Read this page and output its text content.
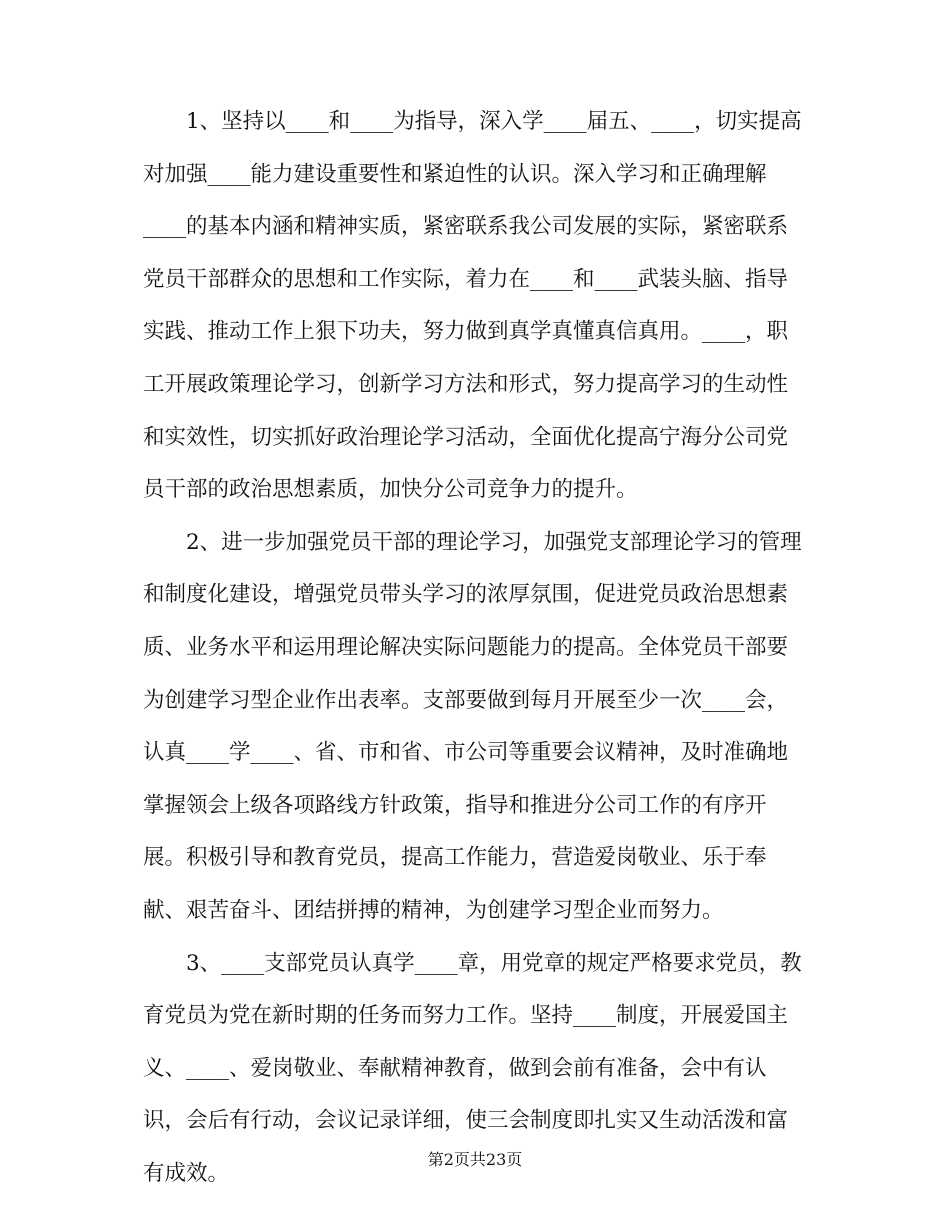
1、坚持以____和____为指导，深入学____届五、____，切实提高
对加强____能力建设重要性和紧迫性的认识。深入学习和正确理解
____的基本内涵和精神实质，紧密联系我公司发展的实际，紧密联系
党员干部群众的思想和工作实际，着力在____和____武装头脑、指导
实践、推动工作上狠下功夫，努力做到真学真懂真信真用。____，职
工开展政策理论学习，创新学习方法和形式，努力提高学习的生动性
和实效性，切实抓好政治理论学习活动，全面优化提高宁海分公司党
员干部的政治思想素质，加快分公司竞争力的提升。
2、进一步加强党员干部的理论学习，加强党支部理论学习的管理
和制度化建设，增强党员带头学习的浓厚氛围，促进党员政治思想素
质、业务水平和运用理论解决实际问题能力的提高。全体党员干部要
为创建学习型企业作出表率。支部要做到每月开展至少一次____会，
认真____学____、省、市和省、市公司等重要会议精神，及时准确地
掌握领会上级各项路线方针政策，指导和推进分公司工作的有序开
展。积极引导和教育党员，提高工作能力，营造爱岗敬业、乐于奉
献、艰苦奋斗、团结拼搏的精神，为创建学习型企业而努力。
3、____支部党员认真学____章，用党章的规定严格要求党员，教
育党员为党在新时期的任务而努力工作。坚持____制度，开展爱国主
义、____、爱岗敬业、奉献精神教育，做到会前有准备，会中有认
识，会后有行动，会议记录详细，使三会制度即扎实又生动活泼和富
有成效。
第2页共23页
